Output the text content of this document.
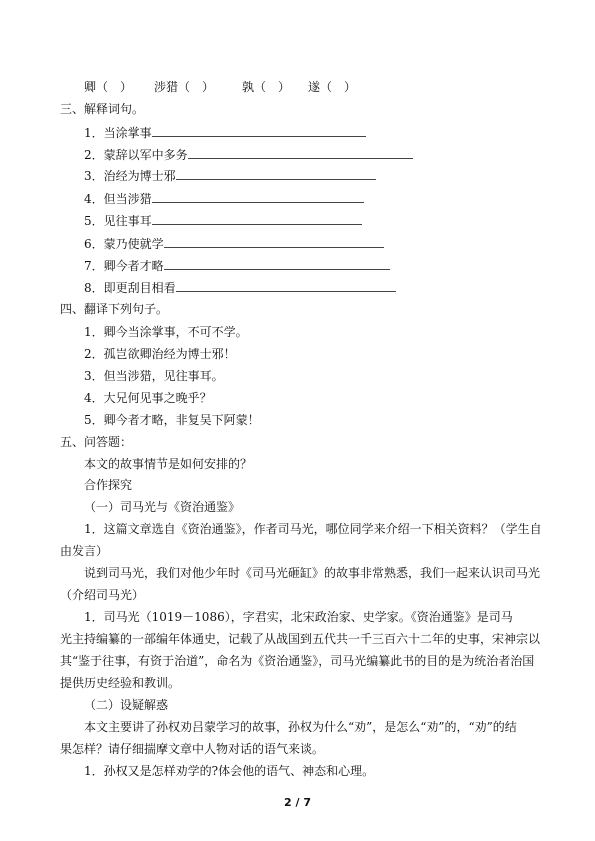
卿（　） 涉猎（　） 孰（　） 遂（　）
三、解释词句。
1．当涂掌事
2．蒙辞以军中多务
3．治经为博士邪
4．但当涉猎
5．见往事耳
6．蒙乃使就学
7．卿今者才略
8．即更刮目相看
四、翻译下列句子。
1．卿今当涂掌事，不可不学。
2．孤岂欲卿治经为博士邪！
3．但当涉猎，见往事耳。
4．大兄何见事之晚乎？
5．卿今者才略，非复吴下阿蒙！
五、问答题：
本文的故事情节是如何安排的？
合作探究
（一）司马光与《资治通鉴》
1．这篇文章选自《资治通鉴》，作者司马光，哪位同学来介绍一下相关资料？（学生自
由发言）
说到司马光，我们对他少年时《司马光砸缸》的故事非常熟悉，我们一起来认识司马光
（介绍司马光）
1．司马光（1019－1086），字君实，北宋政治家、史学家。《资治通鉴》是司马
光主持编纂的一部编年体通史，记载了从战国到五代共一千三百六十二年的史事，宋神宗以
其“鉴于往事，有资于治道”，命名为《资治通鉴》，司马光编纂此书的目的是为统治者治国
提供历史经验和教训。
（二）设疑解惑
本文主要讲了孙权劝吕蒙学习的故事，孙权为什么“劝”，是怎么“劝”的，“劝”的结
果怎样？请仔细揣摩文章中人物对话的语气来谈。
1．孙权又是怎样劝学的?体会他的语气、神态和心理。
2 / 7
